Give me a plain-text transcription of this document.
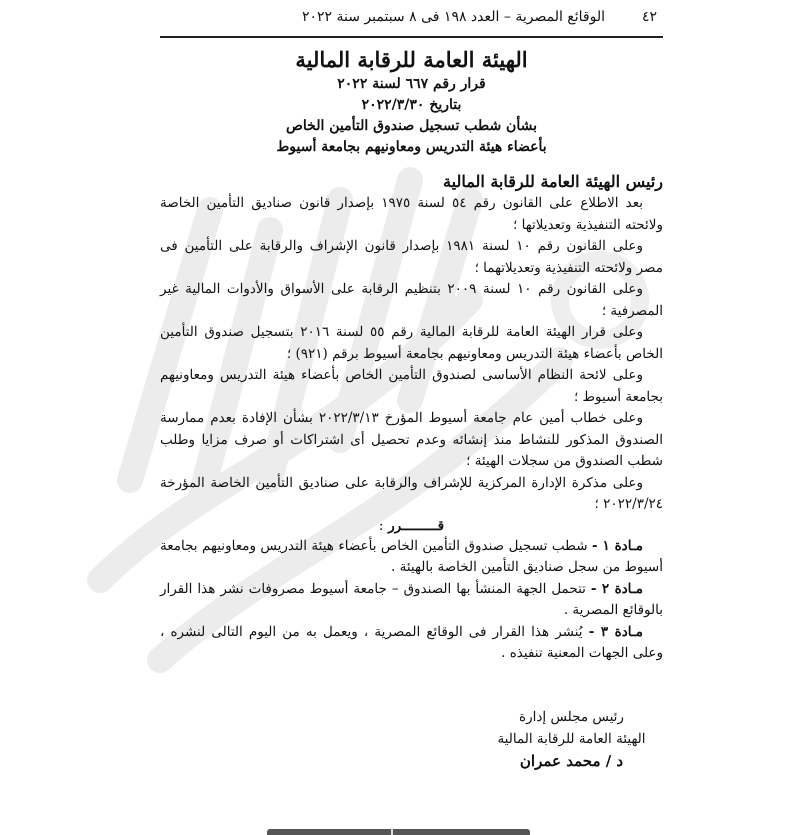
٤٢
الوقائع المصرية – العدد ١٩٨ فى ٨ سبتمبر سنة ٢٠٢٢
الهيئة العامة للرقابة المالية
قرار رقم ٦٦٧ لسنة ٢٠٢٢
بتاريخ ٢٠٢٢/٣/٣٠
بشأن شطب تسجيل صندوق التأمين الخاص
بأعضاء هيئة التدريس ومعاونيهم بجامعة أسيوط
رئيس الهيئة العامة للرقابة المالية

بعد الاطلاع على القانون رقم ٥٤ لسنة ١٩٧٥ بإصدار قانون صناديق التأمين الخاصة ولائحته التنفيذية وتعديلاتها ؛

وعلى القانون رقم ١٠ لسنة ١٩٨١ بإصدار قانون الإشراف والرقابة على التأمين فى مصر ولائحته التنفيذية وتعديلاتهما ؛

وعلى القانون رقم ١٠ لسنة ٢٠٠٩ بتنظيم الرقابة على الأسواق والأدوات المالية غير المصرفية ؛

وعلى قرار الهيئة العامة للرقابة المالية رقم ٥٥ لسنة ٢٠١٦ بتسجيل صندوق التأمين الخاص بأعضاء هيئة التدريس ومعاونيهم بجامعة أسيوط برقم (٩٢١) ؛

وعلى لائحة النظام الأساسى لصندوق التأمين الخاص بأعضاء هيئة التدريس ومعاونيهم بجامعة أسيوط ؛

وعلى خطاب أمين عام جامعة أسيوط المؤرخ ٢٠٢٢/٣/١٣ بشأن الإفادة بعدم ممارسة الصندوق المذكور للنشاط منذ إنشائه وعدم تحصيل أى اشتراكات أو صرف مزايا وطلب شطب الصندوق من سجلات الهيئة ؛

وعلى مذكرة الإدارة المركزية للإشراف والرقابة على صناديق التأمين الخاصة المؤرخة ٢٠٢٢/٣/٢٤ ؛

قـــــــــرر :

مـادة ١ - شطب تسجيل صندوق التأمين الخاص بأعضاء هيئة التدريس ومعاونيهم بجامعة أسيوط من سجل صناديق التأمين الخاصة بالهيئة .

مـادة ٢ - تتحمل الجهة المنشأ بها الصندوق – جامعة أسيوط مصروفات نشر هذا القرار بالوقائع المصرية .

مـادة ٣ - يُنشر هذا القرار فى الوقائع المصرية ، ويعمل به من اليوم التالى لنشره ، وعلى الجهات المعنية تنفيذه .

رئيس مجلس إدارة
الهيئة العامة للرقابة المالية
د / محمد عمران
